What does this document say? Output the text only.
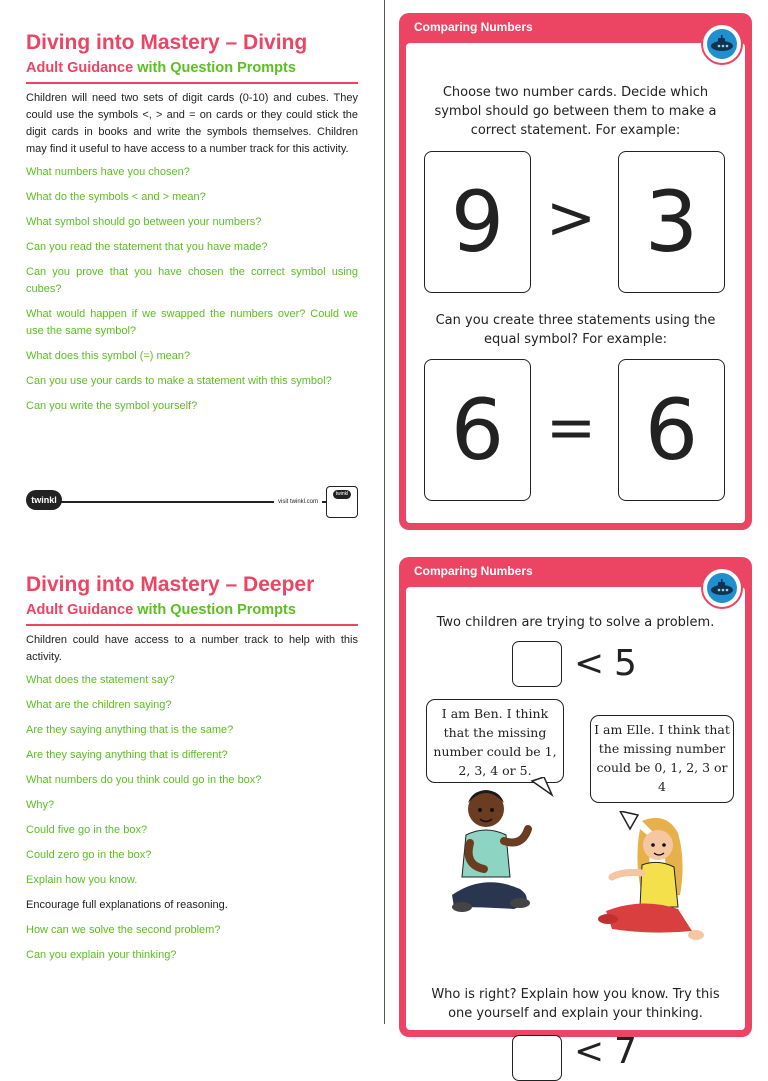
Diving into Mastery – Diving
Adult Guidance with Question Prompts

Children will need two sets of digit cards (0-10) and cubes. They could use the symbols <, > and = on cards or they could stick the digit cards in books and write the symbols themselves. Children may find it useful to have access to a number track for this activity.

What numbers have you chosen?

What do the symbols < and > mean?

What symbol should go between your numbers?

Can you read the statement that you have made?

Can you prove that you have chosen the correct symbol using cubes?

What would happen if we swapped the numbers over? Could we use the same symbol?

What does this symbol (=) mean?

Can you use your cards to make a statement with this symbol?

Can you write the symbol yourself?

twinkl	visit twinkl.com
twinkl
Diving into Mastery – Deeper
Adult Guidance with Question Prompts

Children could have access to a number track to help with this activity.

What does the statement say?

What are the children saying?

Are they saying anything that is the same?

Are they saying anything that is different?

What numbers do you think could go in the box?

Why?

Could five go in the box?

Could zero go in the box?

Explain how you know.

Encourage full explanations of reasoning.

How can we solve the second problem?

Can you explain your thinking?

Comparing Numbers
Choose two number cards. Decide which symbol should go between them to make a correct statement. For example:
9 > 3
Can you create three statements using the equal symbol? For example:
6 = 6
Comparing Numbers
Two children are trying to solve a problem.
< 5
I am Ben. I think that the missing number could be 1, 2, 3, 4 or 5.
I am Elle. I think that the missing number could be 0, 1, 2, 3 or 4
Who is right? Explain how you know. Try this one yourself and explain your thinking.
< 7
